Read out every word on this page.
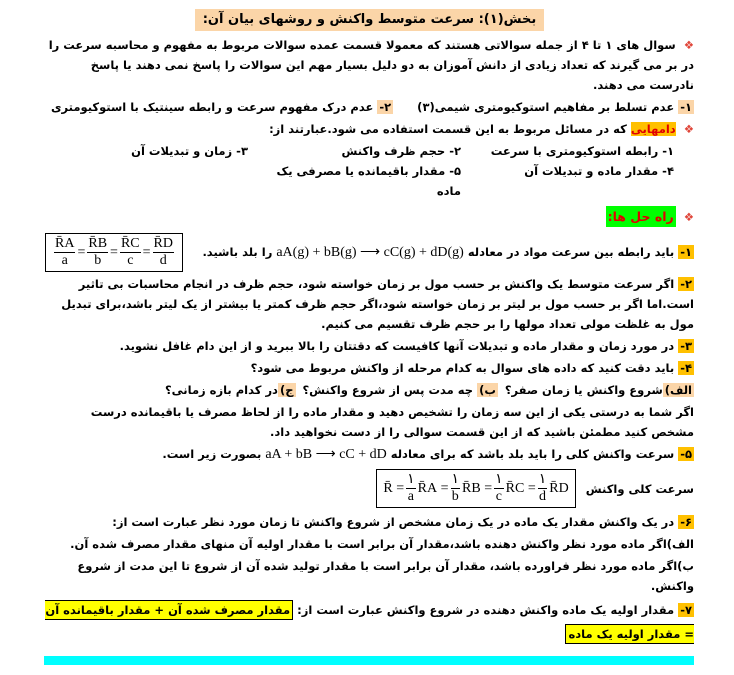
بخش(۱): سرعت متوسط واکنش و روشهای بیان آن:
❖سوال های ۱ تا ۴ از جمله سوالاتی هستند که معمولا قسمت عمده سوالات مربوط به مفهوم و محاسبه سرعت را در بر می گیرند که تعداد زیادی از دانش آموزان به دو دلیل بسیار مهم این سوالات را پاسخ نمی دهند یا پاسخ نادرست می دهند.
۱- عدم تسلط بر مفاهیم استوکیومتری شیمی(۳)      ۲- عدم درک مفهوم سرعت و رابطه سینتیک با استوکیومتری
❖دامهایی که در مسائل مربوط به این قسمت استفاده می شود.عبارتند از:
۱- رابطه استوکیومتری با سرعت
۲- حجم ظرف واکنش
۳- زمان و تبدیلات آن
۴- مقدار ماده و تبدیلات آن
۵- مقدار باقیمانده یا مصرفی یک ماده
❖راه حل ها:
۱- باید رابطه بین سرعت مواد در معادله aA(g) + bB(g) ⟶ cC(g) + dD(g) را بلد باشید.
$\frac{R̄A}{a} = \frac{R̄B}{b} = \frac{R̄C}{c} = \frac{R̄D}{d}$
۲- اگر سرعت متوسط یک واکنش بر حسب مول بر زمان خواسته شود، حجم ظرف در انجام محاسبات بی تاثیر است.اما اگر بر حسب مول بر لیتر بر زمان خواسته شود،اگر حجم ظرف کمتر یا بیشتر از یک لیتر باشد،برای تبدیل مول به غلظت مولی تعداد مولها را بر حجم ظرف تقسیم می کنیم.
۳- در مورد زمان و مقدار ماده و تبدیلات آنها کافیست که دقتتان را بالا ببرید و از این دام غافل نشوید.
۴- باید دقت کنید که داده های سوال به کدام مرحله از واکنش مربوط می شود؟
الف)شروع واکنش یا زمان صفر؟
ب) چه مدت پس از شروع واکنش؟
ج)در کدام بازه زمانی؟
اگر شما به درستی یکی از این سه زمان را تشخیص دهید و مقدار ماده را از لحاظ مصرف یا باقیمانده درست مشخص کنید مطمئن باشید که از این قسمت سوالی را از دست نخواهید داد.
۵- سرعت واکنش کلی را باید بلد باشد که برای معادله aA + bB ⟶ cC + dD بصورت زیر است.
سرعت کلی واکنش
R̄ = $\frac{۱}{a}$ R̄A = $\frac{۱}{b}$ R̄B = $\frac{۱}{c}$ R̄C = $\frac{۱}{d}$ R̄D
۶- در یک واکنش مقدار یک ماده در یک زمان مشخص از شروع واکنش تا زمان مورد نظر عبارت است از:
الف)اگر ماده مورد نظر واکنش دهنده باشد،مقدار آن برابر است با مقدار اولیه آن منهای مقدار مصرف شده آن.
ب)اگر ماده مورد نظر فراورده باشد، مقدار آن برابر است با مقدار تولید شده آن از شروع تا این مدت از شروع واکنش.
۷- مقدار اولیه یک ماده واکنش دهنده در شروع واکنش عبارت است از: مقدار مصرف شده آن + مقدار باقیمانده آن = مقدار اولیه یک ماده
